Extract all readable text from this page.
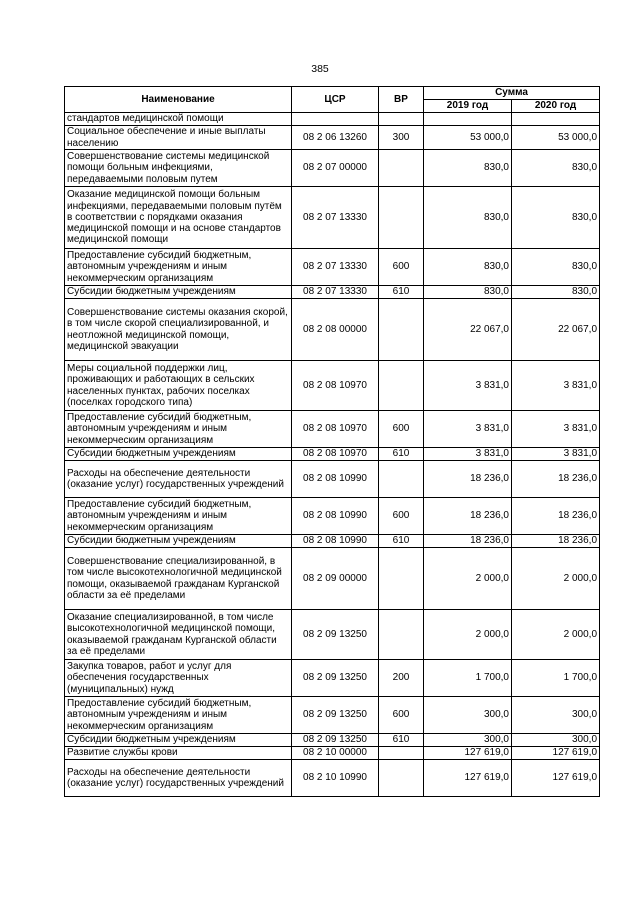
385
Наименование	ЦСР	ВР	Сумма	
			2019 год	2020 год
стандартов медицинской помощи				
Социальное обеспечение и иные выплаты населению	08 2 06 13260	300	53 000,0	53 000,0
Совершенствование системы медицинской помощи больным инфекциями, передаваемыми половым путем	08 2 07 00000		830,0	830,0
Оказание медицинской помощи больным инфекциями, передаваемыми половым путём в соответствии с порядками оказания медицинской помощи и на основе стандартов медицинской помощи	08 2 07 13330		830,0	830,0
Предоставление субсидий бюджетным, автономным учреждениям и иным некоммерческим организациям	08 2 07 13330	600	830,0	830,0
Субсидии бюджетным учреждениям	08 2 07 13330	610	830,0	830,0
Совершенствование системы оказания скорой, в том числе скорой специализированной, и неотложной медицинской помощи, медицинской эвакуации	08 2 08 00000		22 067,0	22 067,0
Меры социальной поддержки лиц, проживающих и работающих в сельских населенных пунктах, рабочих поселках (поселках городского типа)	08 2 08 10970		3 831,0	3 831,0
Предоставление субсидий бюджетным, автономным учреждениям и иным некоммерческим организациям	08 2 08 10970	600	3 831,0	3 831,0
Субсидии бюджетным учреждениям	08 2 08 10970	610	3 831,0	3 831,0
Расходы на обеспечение деятельности (оказание услуг) государственных учреждений	08 2 08 10990		18 236,0	18 236,0
Предоставление субсидий бюджетным, автономным учреждениям и иным некоммерческим организациям	08 2 08 10990	600	18 236,0	18 236,0
Субсидии бюджетным учреждениям	08 2 08 10990	610	18 236,0	18 236,0
Совершенствование специализированной, в том числе высокотехнологичной медицинской помощи, оказываемой гражданам Курганской области за её пределами	08 2 09 00000		2 000,0	2 000,0
Оказание специализированной, в том числе высокотехнологичной медицинской помощи, оказываемой гражданам Курганской области за её пределами	08 2 09 13250		2 000,0	2 000,0
Закупка товаров, работ и услуг для обеспечения государственных (муниципальных) нужд	08 2 09 13250	200	1 700,0	1 700,0
Предоставление субсидий бюджетным, автономным учреждениям и иным некоммерческим организациям	08 2 09 13250	600	300,0	300,0
Субсидии бюджетным учреждениям	08 2 09 13250	610	300,0	300,0
Развитие службы крови	08 2 10 00000		127 619,0	127 619,0
Расходы на обеспечение деятельности (оказание услуг) государственных учреждений	08 2 10 10990		127 619,0	127 619,0
